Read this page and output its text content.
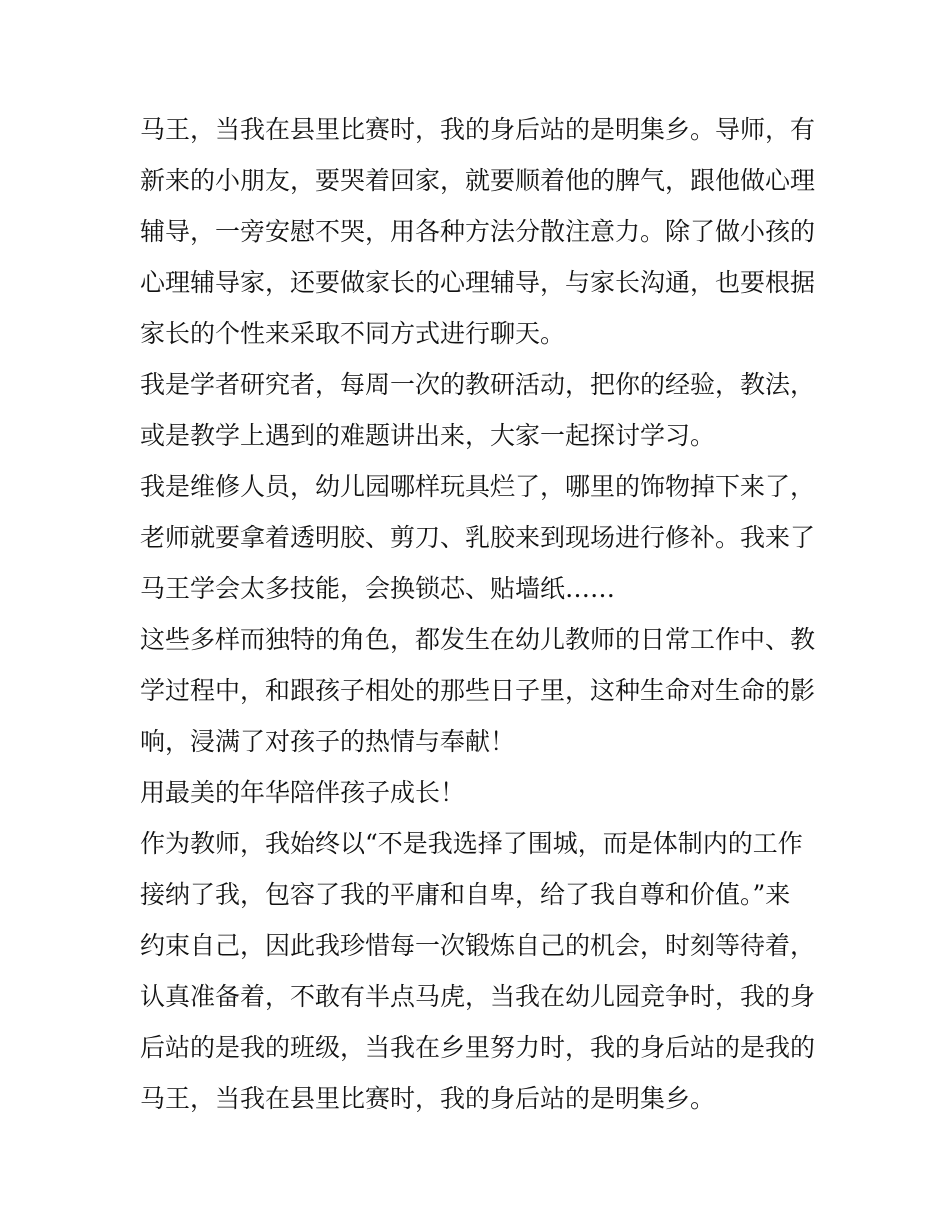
马王，当我在县里比赛时，我的身后站的是明集乡。导师，有
新来的小朋友，要哭着回家，就要顺着他的脾气，跟他做心理
辅导，一旁安慰不哭，用各种方法分散注意力。除了做小孩的
心理辅导家，还要做家长的心理辅导，与家长沟通，也要根据
家长的个性来采取不同方式进行聊天。
我是学者研究者，每周一次的教研活动，把你的经验，教法，
或是教学上遇到的难题讲出来，大家一起探讨学习。
我是维修人员，幼儿园哪样玩具烂了，哪里的饰物掉下来了，
老师就要拿着透明胶、剪刀、乳胶来到现场进行修补。我来了
马王学会太多技能，会换锁芯、贴墙纸……
这些多样而独特的角色，都发生在幼儿教师的日常工作中、教
学过程中，和跟孩子相处的那些日子里，这种生命对生命的影
响，浸满了对孩子的热情与奉献！
用最美的年华陪伴孩子成长！
作为教师，我始终以“不是我选择了围城，而是体制内的工作
接纳了我，包容了我的平庸和自卑，给了我自尊和价值。”来
约束自己，因此我珍惜每一次锻炼自己的机会，时刻等待着，
认真准备着，不敢有半点马虎，当我在幼儿园竞争时，我的身
后站的是我的班级，当我在乡里努力时，我的身后站的是我的
马王，当我在县里比赛时，我的身后站的是明集乡。
